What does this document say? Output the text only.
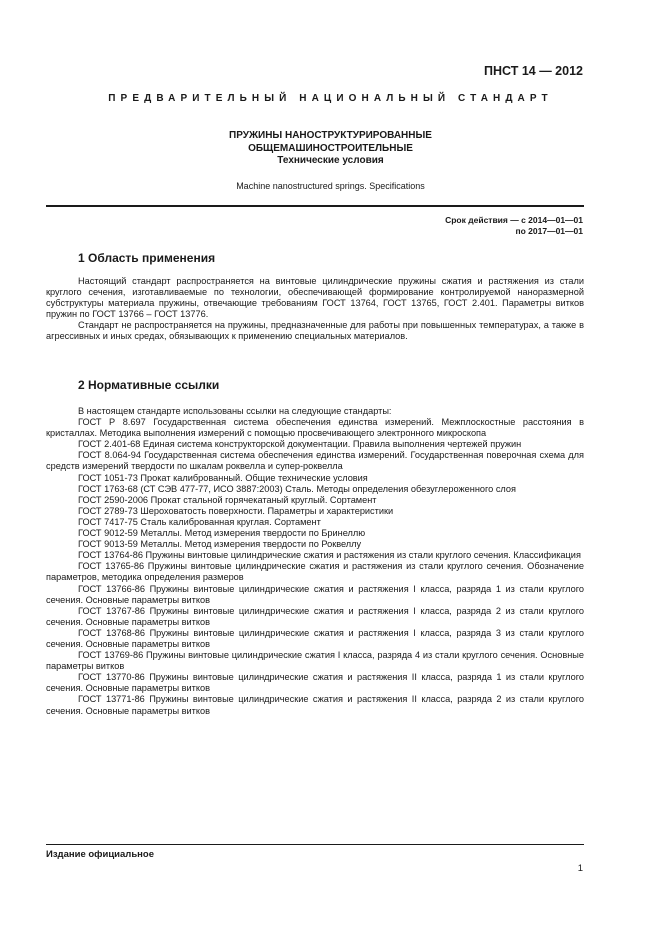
ПНСТ 14 — 2012
ПРЕДВАРИТЕЛЬНЫЙ НАЦИОНАЛЬНЫЙ СТАНДАРТ
ПРУЖИНЫ НАНОСТРУКТУРИРОВАННЫЕ
ОБЩЕМАШИНОСТРОИТЕЛЬНЫЕ
Технические условия
Machine nanostructured springs. Specifications
Срок действия — с 2014—01—01
по 2017—01—01
1 Область применения

Настоящий стандарт распространяется на винтовые цилиндрические пружины сжатия и растяжения из стали круглого сечения, изготавливаемые по технологии, обеспечивающей формирование контролируемой наноразмерной субструктуры материала пружины, отвечающие требованиям ГОСТ 13764, ГОСТ 13765, ГОСТ 2.401. Параметры витков пружин по ГОСТ 13766 – ГОСТ 13776.

Стандарт не распространяется на пружины, предназначенные для работы при повышенных температурах, а также в агрессивных и иных средах, обязывающих к применению специальных материалов.

2 Нормативные ссылки

В настоящем стандарте использованы ссылки на следующие стандарты:

ГОСТ Р 8.697 Государственная система обеспечения единства измерений. Межплоскостные расстояния в кристаллах. Методика выполнения измерений с помощью просвечивающего электронного микроскопа

ГОСТ 2.401-68 Единая система конструкторской документации. Правила выполнения чертежей пружин

ГОСТ 8.064-94 Государственная система обеспечения единства измерений. Государственная поверочная схема для средств измерений твердости по шкалам роквелла и супер-роквелла

ГОСТ 1051-73 Прокат калиброванный. Общие технические условия

ГОСТ 1763-68 (СТ СЭВ 477-77, ИСО 3887:2003) Сталь. Методы определения обезуглероженного слоя

ГОСТ 2590-2006 Прокат стальной горячекатаный круглый. Сортамент

ГОСТ 2789-73 Шероховатость поверхности. Параметры и характеристики

ГОСТ 7417-75 Сталь калиброванная круглая. Сортамент

ГОСТ 9012-59 Металлы. Метод измерения твердости по Бринеллю

ГОСТ 9013-59 Металлы. Метод измерения твердости по Роквеллу

ГОСТ 13764-86 Пружины винтовые цилиндрические сжатия и растяжения из стали круглого сечения. Классификация

ГОСТ 13765-86 Пружины винтовые цилиндрические сжатия и растяжения из стали круглого сечения. Обозначение параметров, методика определения размеров

ГОСТ 13766-86 Пружины винтовые цилиндрические сжатия и растяжения I класса, разряда 1 из стали круглого сечения. Основные параметры витков

ГОСТ 13767-86 Пружины винтовые цилиндрические сжатия и растяжения I класса, разряда 2 из стали круглого сечения. Основные параметры витков

ГОСТ 13768-86 Пружины винтовые цилиндрические сжатия и растяжения I класса, разряда 3 из стали круглого сечения. Основные параметры витков

ГОСТ 13769-86 Пружины винтовые цилиндрические сжатия I класса, разряда 4 из стали круглого сечения. Основные параметры витков

ГОСТ 13770-86 Пружины винтовые цилиндрические сжатия и растяжения II класса, разряда 1 из стали круглого сечения. Основные параметры витков

ГОСТ 13771-86 Пружины винтовые цилиндрические сжатия и растяжения II класса, разряда 2 из стали круглого сечения. Основные параметры витков

Издание официальное
1
